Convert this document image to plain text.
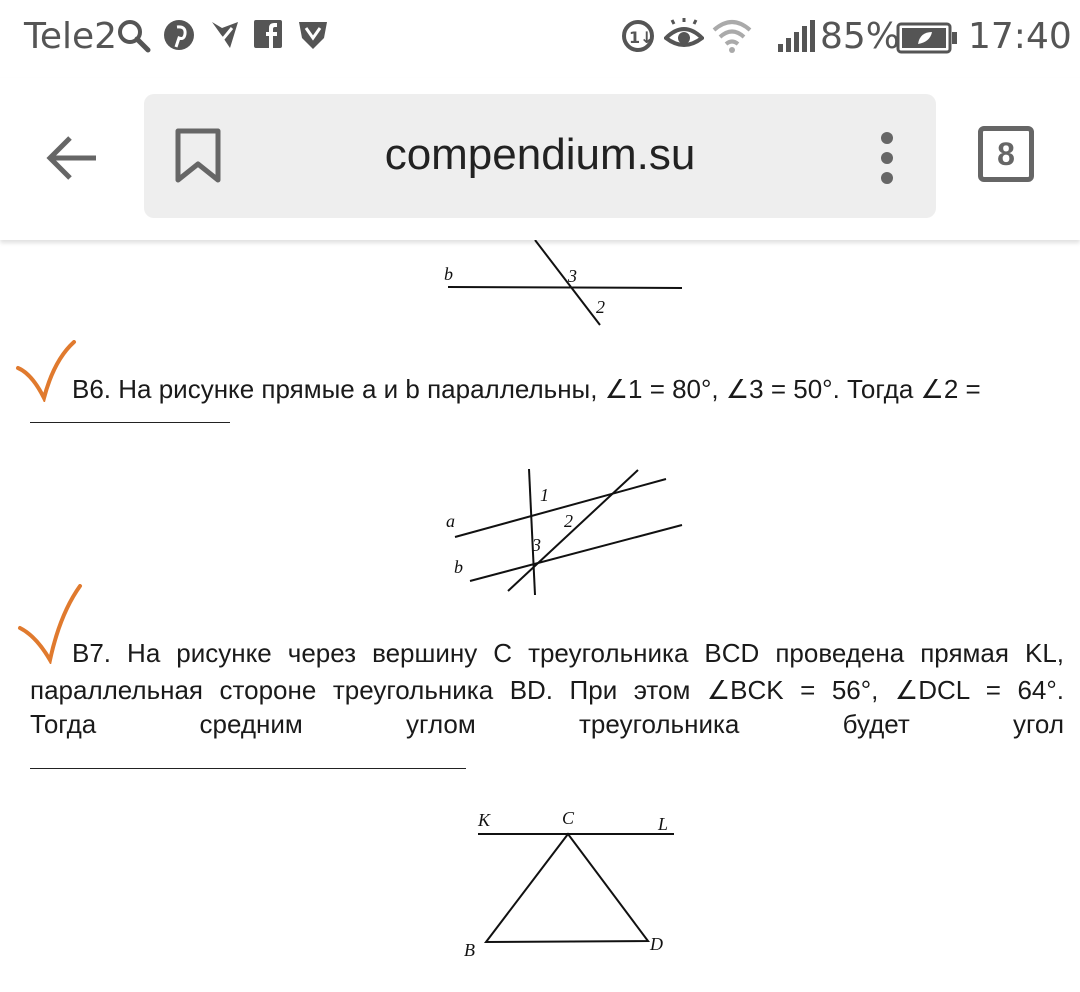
Tele2	1↓	85% 17:40
compendium.su	8
b	3
2
В6. На рисунке прямые a и b параллельны, ∠1 = 80°, ∠3 = 50°. Тогда ∠2 =
a
b
1
2
3
В7. На рисунке через вершину С треугольника BCD проведена прямая KL,
параллельная стороне треугольника BD. При этом ∠BCK = 56°, ∠DCL = 64°.
Тогда средним углом треугольника будет угол
K	C	L
B	D
